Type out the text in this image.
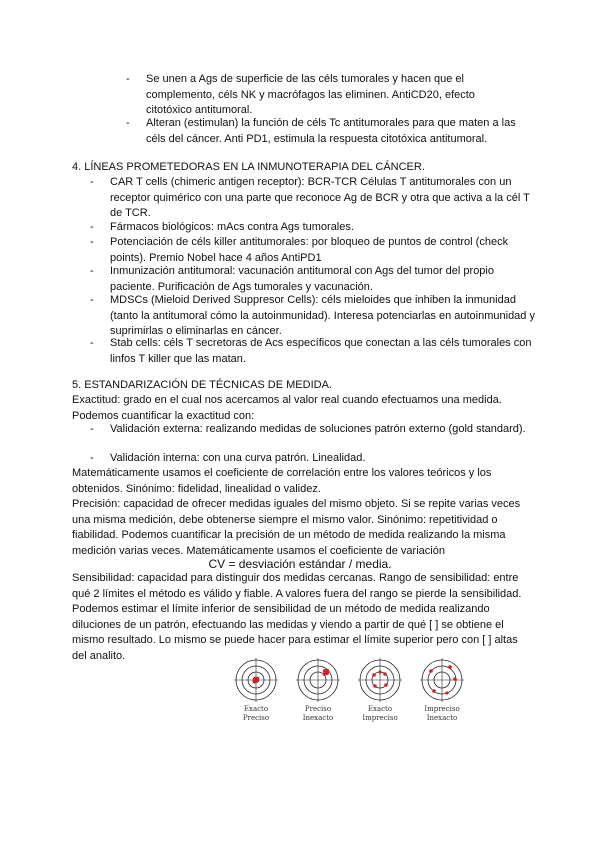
- Se unen a Ags de superficie de las céls tumorales y hacen que el complemento, céls NK y macrófagos las eliminen. AntiCD20, efecto citotóxico antitumoral.
- Alteran (estimulan) la función de céls Tc antitumorales para que maten a las céls del cáncer. Anti PD1, estimula la respuesta citotóxica antitumoral.

4. LÍNEAS PROMETEDORAS EN LA INMUNOTERAPIA DEL CÁNCER.

- CAR T cells (chimeric antigen receptor): BCR-TCR Células T antitumorales con un receptor quimérico con una parte que reconoce Ag de BCR y otra que activa a la cél T de TCR.
- Fármacos biológicos: mAcs contra Ags tumorales.
- Potenciación de céls killer antitumorales: por bloqueo de puntos de control (check points). Premio Nobel hace 4 años AntiPD1
- Inmunización antitumoral: vacunación antitumoral con Ags del tumor del propio paciente. Purificación de Ags tumorales y vacunación.
- MDSCs (Mieloid Derived Suppresor Cells): céls mieloides que inhiben la inmunidad (tanto la antitumoral cómo la autoinmunidad). Interesa potenciarlas en autoinmunidad y suprimirlas o eliminarlas en cáncer.
- Stab cells: céls T secretoras de Acs específicos que conectan a las céls tumorales con linfos T killer que las matan.

5. ESTANDARIZACIÓN DE TÉCNICAS DE MEDIDA.

Exactitud: grado en el cual nos acercamos al valor real cuando efectuamos una medida. Podemos cuantificar la exactitud con:

- Validación externa: realizando medidas de soluciones patrón externo (gold standard).
- Validación interna: con una curva patrón. Linealidad.

Matemáticamente usamos el coeficiente de correlación entre los valores teóricos y los obtenidos. Sinónimo: fidelidad, linealidad o validez.

Precisión: capacidad de ofrecer medidas iguales del mismo objeto. Si se repite varias veces una misma medición, debe obtenerse siempre el mismo valor. Sinónimo: repetitividad o fiabilidad. Podemos cuantificar la precisión de un método de medida realizando la misma medición varias veces. Matemáticamente usamos el coeficiente de variación

CV = desviación estándar / media.

Sensibilidad: capacidad para distinguir dos medidas cercanas. Rango de sensibilidad: entre qué 2 límites el método es válido y fiable. A valores fuera del rango se pierde la sensibilidad. Podemos estimar el límite inferior de sensibilidad de un método de medida realizando diluciones de un patrón, efectuando las medidas y viendo a partir de qué [ ] se obtiene el mismo resultado. Lo mismo se puede hacer para estimar el límite superior pero con [ ] altas del analito.

Exacto
Preciso
Preciso
Inexacto
Exacto
Impreciso
Impreciso
Inexacto
